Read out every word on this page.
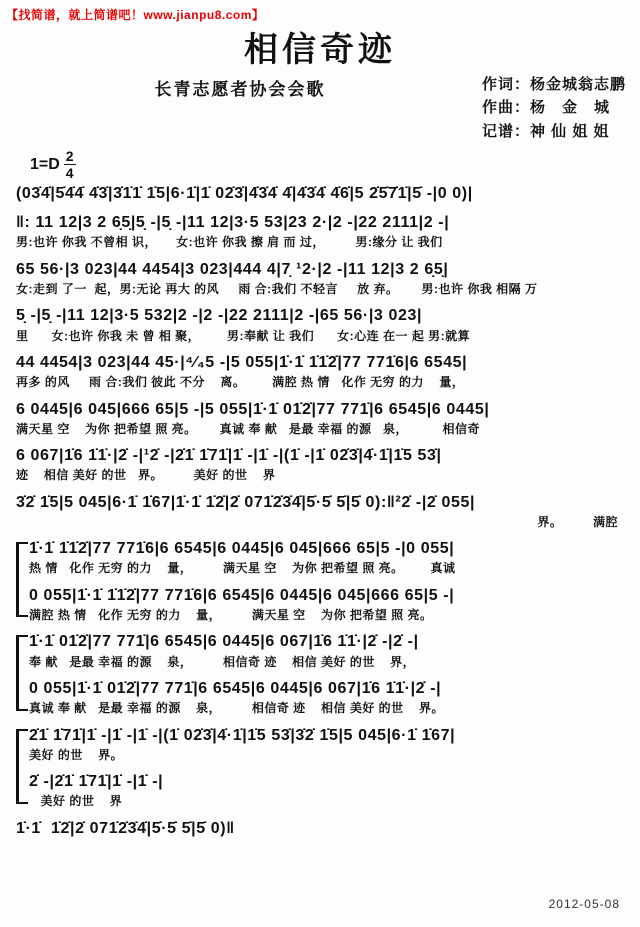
【找简谱，就上简谱吧！www.jianpu8.com】
相信奇迹
长青志愿者协会会歌	作词：杨金城翁志鹏
作曲：杨　金　城
记谱：神 仙 姐 姐
$1=D \frac{2}{4}$
(03̇4̇|5̇4̇4̇ 4̇3̇|3̇1̇1̇ 1̇5|6·1̇|1̇ 02̇3̇|4̇3̇4̇ 4̇|4̇3̇4̇ 4̇6̇|5 2̇5̇7̇1̇|5̇ -|0 0)|
‖: 11 12|3 2 6̣5̣|5̣ -|5̣ -|11 12|3·5 53|23 2·|2 -|22 2111|2 -|
男:也许 你我 不曾相 识，     女:也许 你我 擦 肩 而 过，        男:缘分 让 我们
65 56·|3 023|44 4454|3 023|444 4|7̣ ¹2·|2 -|11 12|3 2 6̣5̣|
女:走到 了一  起，男:无论 再大 的风     雨 合:我们 不轻言     放 弃。      男:也许 你我 相隔 万
5̣ -|5̣ -|11 12|3·5 532|2 -|2 -|22 2111|2 -|65 56·|3 023|
里      女:也许 你我 未 曾 相 聚，       男:奉献 让 我们      女:心连 在一 起 男:就算
44 4454|3 023|44 45·|⁴⁄₄5 -|5 055|1̇·1̇ 1̇1̇2̇|77 771̇6|6 6545|
再多 的风     雨 合:我们 彼此 不分    离。       满腔 热 情   化作 无穷 的力    量，
6 0445|6 045|666 65|5 -|5 055|1̇·1̇ 01̇2̇|77 771̇|6 6545|6 0445|
满天星 空    为你 把希望 照 亮。      真诚 奉 献   是最 幸福 的源   泉，         相信奇
6 067|1̇6 1̇1̇·|2̇ -|¹2̇ -|2̇1̇ 1̇71̇|1̇ -|1̇ -|(1̇ -|1̇ 02̇3̇|4̇·1̇|1̇5 53̇|
迹    相信 美好 的世   界。        美好 的世    界
3̇2̇ 1̇5|5 045|6·1̇ 1̇67|1̇·1̇ 1̇2̇|2̇ 071̇2̇3̇4̇|5̇·5̇ 5̇|5̇ 0):‖²2̇ -|2̇ 055|
界。        满腔
1̇·1̇ 1̇1̇2̇|77 771̇6|6 6545|6 0445|6 045|666 65|5 -|0 055|
热 情   化作 无穷 的力    量，        满天星 空    为你 把希望 照 亮。       真诚
0 055|1̇·1̇ 1̇1̇2̇|77 771̇6|6 6545|6 0445|6 045|666 65|5 -|
满腔 热 情   化作 无穷 的力    量，        满天星 空    为你 把希望 照 亮。
1̇·1̇ 01̇2̇|77 771̇|6 6545|6 0445|6 067|1̇6 1̇1̇·|2̇ -|2̇ -|
奉 献   是最 幸福 的源    泉，        相信奇 迹    相信 美好 的世    界，
0 055|1̇·1̇ 01̇2̇|77 771̇|6 6545|6 0445|6 067|1̇6 1̇1̇·|2̇ -|
真诚 奉 献   是最 幸福 的源    泉，        相信奇 迹    相信 美好 的世    界。
2̇1̇ 1̇71̇|1̇ -|1̇ -|1̇ -|(1̇ 02̇3̇|4̇·1̇|1̇5 53̇|3̇2̇ 1̇5|5 045|6·1̇ 1̇67|
美好 的世    界。
2̇ -|2̇1̇ 1̇71̇|1̇ -|1̇ -|
美好 的世    界
1̇·1̇  1̇2̇|2̇ 071̇2̇3̇4̇|5̇·5̇ 5̇|5̇ 0)‖
2012-05-08
